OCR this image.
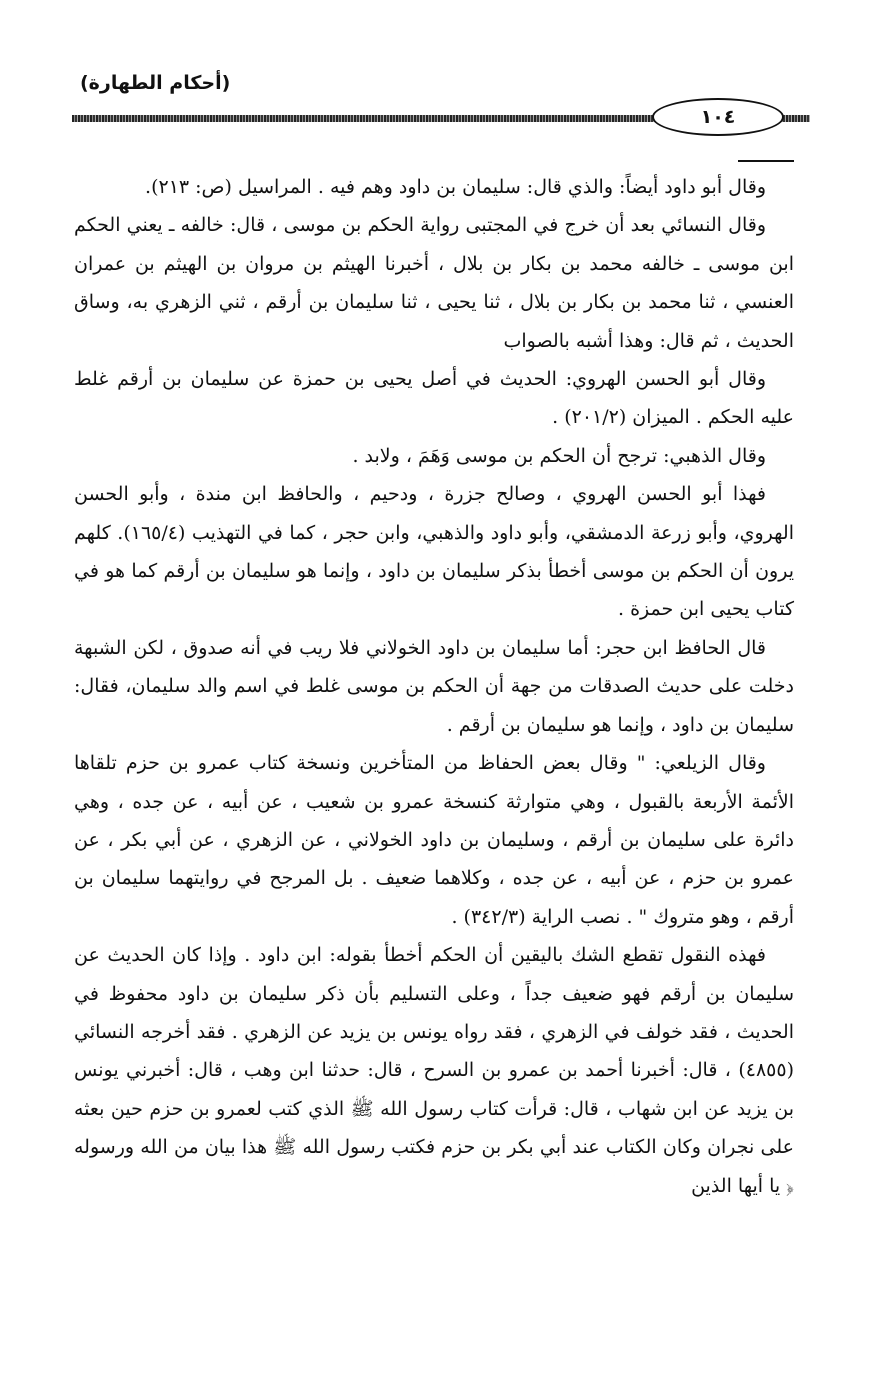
(أحكام الطهارة)
١٠٤

وقال أبو داود أيضاً: والذي قال: سليمان بن داود وهم فيه . المراسيل (ص: ٢١٣).

وقال النسائي بعد أن خرج في المجتبى رواية الحكم بن موسى ، قال: خالفه ـ يعني الحكم ابن موسى ـ خالفه محمد بن بكار بن بلال ، أخبرنا الهيثم بن مروان بن الهيثم بن عمران العنسي ، ثنا محمد بن بكار بن بلال ، ثنا يحيى ، ثنا سليمان بن أرقم ، ثني الزهري به، وساق الحديث ، ثم قال: وهذا أشبه بالصواب

وقال أبو الحسن الهروي: الحديث في أصل يحيى بن حمزة عن سليمان بن أرقم غلط عليه الحكم . الميزان (٢٠١/٢) .

وقال الذهبي: ترجح أن الحكم بن موسى وَهَمَ ، ولابد .

فهذا أبو الحسن الهروي ، وصالح جزرة ، ودحيم ، والحافظ ابن مندة ، وأبو الحسن الهروي، وأبو زرعة الدمشقي، وأبو داود والذهبي، وابن حجر ، كما في التهذيب (١٦٥/٤). كلهم يرون أن الحكم بن موسى أخطأ بذكر سليمان بن داود ، وإنما هو سليمان بن أرقم كما هو في كتاب يحيى ابن حمزة .

قال الحافظ ابن حجر: أما سليمان بن داود الخولاني فلا ريب في أنه صدوق ، لكن الشبهة دخلت على حديث الصدقات من جهة أن الحكم بن موسى غلط في اسم والد سليمان، فقال: سليمان بن داود ، وإنما هو سليمان بن أرقم .

وقال الزيلعي: " وقال بعض الحفاظ من المتأخرين ونسخة كتاب عمرو بن حزم تلقاها الأئمة الأربعة بالقبول ، وهي متوارثة كنسخة عمرو بن شعيب ، عن أبيه ، عن جده ، وهي دائرة على سليمان بن أرقم ، وسليمان بن داود الخولاني ، عن الزهري ، عن أبي بكر ، عن عمرو بن حزم ، عن أبيه ، عن جده ، وكلاهما ضعيف . بل المرجح في روايتهما سليمان بن أرقم ، وهو متروك " . نصب الراية (٣٤٢/٣) .

فهذه النقول تقطع الشك باليقين أن الحكم أخطأ بقوله: ابن داود . وإذا كان الحديث عن سليمان بن أرقم فهو ضعيف جداً ، وعلى التسليم بأن ذكر سليمان بن داود محفوظ في الحديث ، فقد خولف في الزهري ، فقد رواه يونس بن يزيد عن الزهري . فقد أخرجه النسائي (٤٨٥٥) ، قال: أخبرنا أحمد بن عمرو بن السرح ، قال: حدثنا ابن وهب ، قال: أخبرني يونس بن يزيد عن ابن شهاب ، قال: قرأت كتاب رسول الله ﷺ الذي كتب لعمرو بن حزم حين بعثه على نجران وكان الكتاب عند أبي بكر بن حزم فكتب رسول الله ﷺ هذا بيان من الله ورسوله ﴿ يا أيها الذين
